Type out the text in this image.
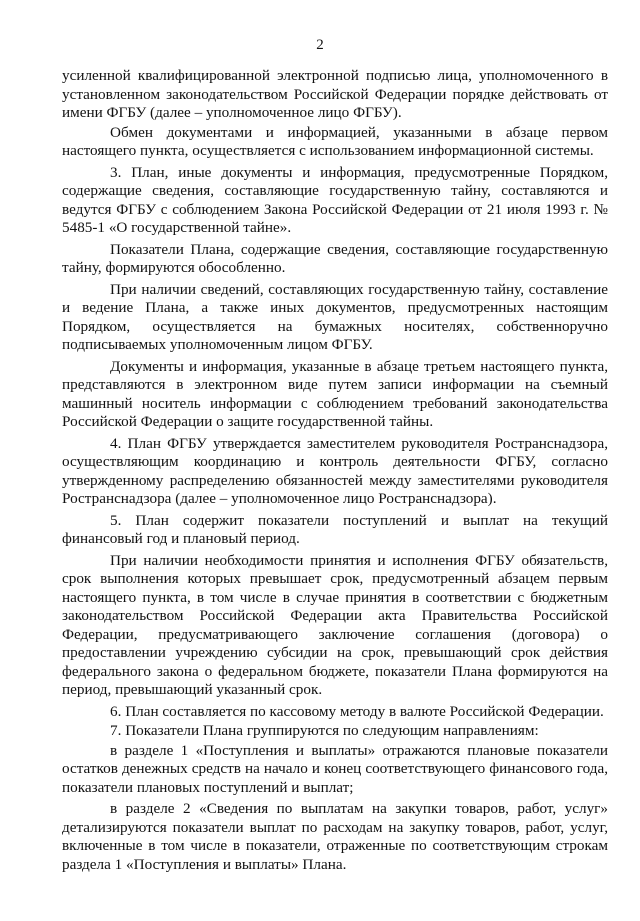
2

усиленной квалифицированной электронной подписью лица, уполномоченного в установленном законодательством Российской Федерации порядке действовать от имени ФГБУ (далее – уполномоченное лицо ФГБУ).

Обмен документами и информацией, указанными в абзаце первом настоящего пункта, осуществляется с использованием информационной системы.

3. План, иные документы и информация, предусмотренные Порядком, содержащие сведения, составляющие государственную тайну, составляются и ведутся ФГБУ с соблюдением Закона Российской Федерации от 21 июля 1993 г. № 5485-1 «О государственной тайне».

Показатели Плана, содержащие сведения, составляющие государственную тайну, формируются обособленно.

При наличии сведений, составляющих государственную тайну, составление и ведение Плана, а также иных документов, предусмотренных настоящим Порядком, осуществляется на бумажных носителях, собственноручно подписываемых уполномоченным лицом ФГБУ.

Документы и информация, указанные в абзаце третьем настоящего пункта, представляются в электронном виде путем записи информации на съемный машинный носитель информации с соблюдением требований законодательства Российской Федерации о защите государственной тайны.

4. План ФГБУ утверждается заместителем руководителя Ространснадзора, осуществляющим координацию и контроль деятельности ФГБУ, согласно утвержденному распределению обязанностей между заместителями руководителя Ространснадзора (далее – уполномоченное лицо Ространснадзора).

5. План содержит показатели поступлений и выплат на текущий финансовый год и плановый период.

При наличии необходимости принятия и исполнения ФГБУ обязательств, срок выполнения которых превышает срок, предусмотренный абзацем первым настоящего пункта, в том числе в случае принятия в соответствии с бюджетным законодательством Российской Федерации акта Правительства Российской Федерации, предусматривающего заключение соглашения (договора) о предоставлении учреждению субсидии на срок, превышающий срок действия федерального закона о федеральном бюджете, показатели Плана формируются на период, превышающий указанный срок.

6. План составляется по кассовому методу в валюте Российской Федерации.

7. Показатели Плана группируются по следующим направлениям:

в разделе 1 «Поступления и выплаты» отражаются плановые показатели остатков денежных средств на начало и конец соответствующего финансового года, показатели плановых поступлений и выплат;

в разделе 2 «Сведения по выплатам на закупки товаров, работ, услуг» детализируются показатели выплат по расходам на закупку товаров, работ, услуг, включенные в том числе в показатели, отраженные по соответствующим строкам раздела 1 «Поступления и выплаты» Плана.
